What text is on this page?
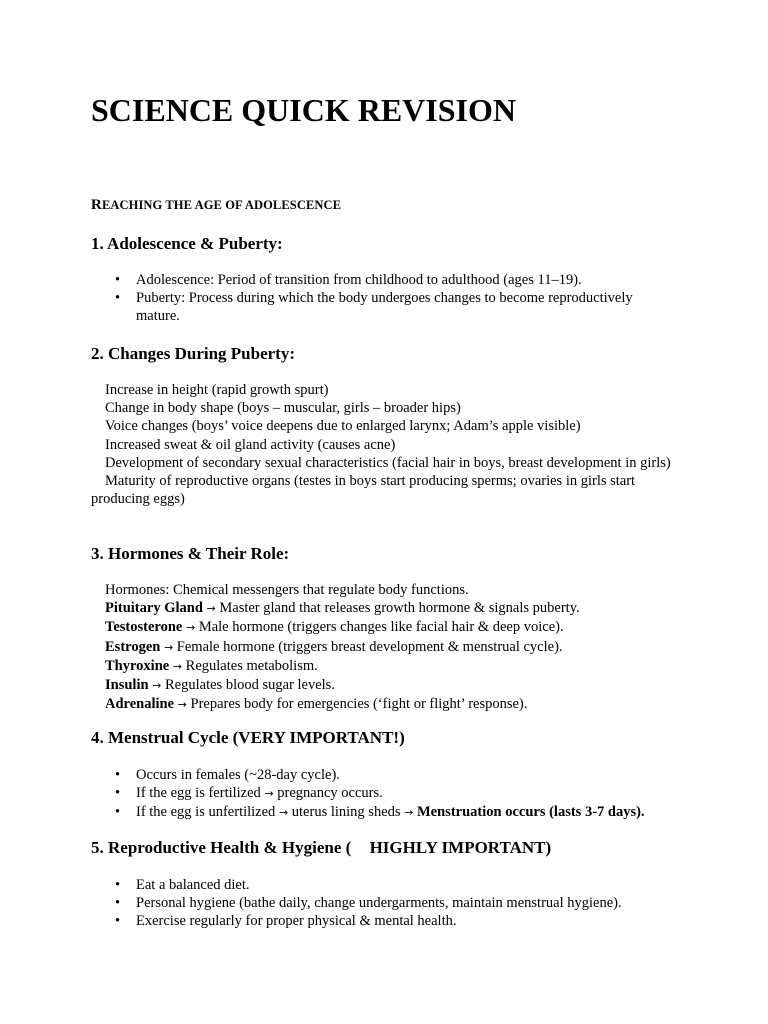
SCIENCE QUICK REVISION
REACHING THE AGE OF ADOLESCENCE
1. Adolescence & Puberty:
• Adolescence: Period of transition from childhood to adulthood (ages 11–19).
• Puberty: Process during which the body undergoes changes to become reproductively mature.
2. Changes During Puberty:
Increase in height (rapid growth spurt)
Change in body shape (boys – muscular, girls – broader hips)
Voice changes (boys’ voice deepens due to enlarged larynx; Adam’s apple visible)
Increased sweat & oil gland activity (causes acne)
Development of secondary sexual characteristics (facial hair in boys, breast development in girls)
Maturity of reproductive organs (testes in boys start producing sperms; ovaries in girls start producing eggs)
3. Hormones & Their Role:
Hormones: Chemical messengers that regulate body functions.
Pituitary Gland → Master gland that releases growth hormone & signals puberty.
Testosterone → Male hormone (triggers changes like facial hair & deep voice).
Estrogen → Female hormone (triggers breast development & menstrual cycle).
Thyroxine → Regulates metabolism.
Insulin → Regulates blood sugar levels.
Adrenaline → Prepares body for emergencies (‘fight or flight’ response).
4. Menstrual Cycle (VERY IMPORTANT!)
• Occurs in females (~28-day cycle).
• If the egg is fertilized → pregnancy occurs.
• If the egg is unfertilized → uterus lining sheds → Menstruation occurs (lasts 3-7 days).
5. Reproductive Health & Hygiene ( HIGHLY IMPORTANT)
• Eat a balanced diet.
• Personal hygiene (bathe daily, change undergarments, maintain menstrual hygiene).
• Exercise regularly for proper physical & mental health.
